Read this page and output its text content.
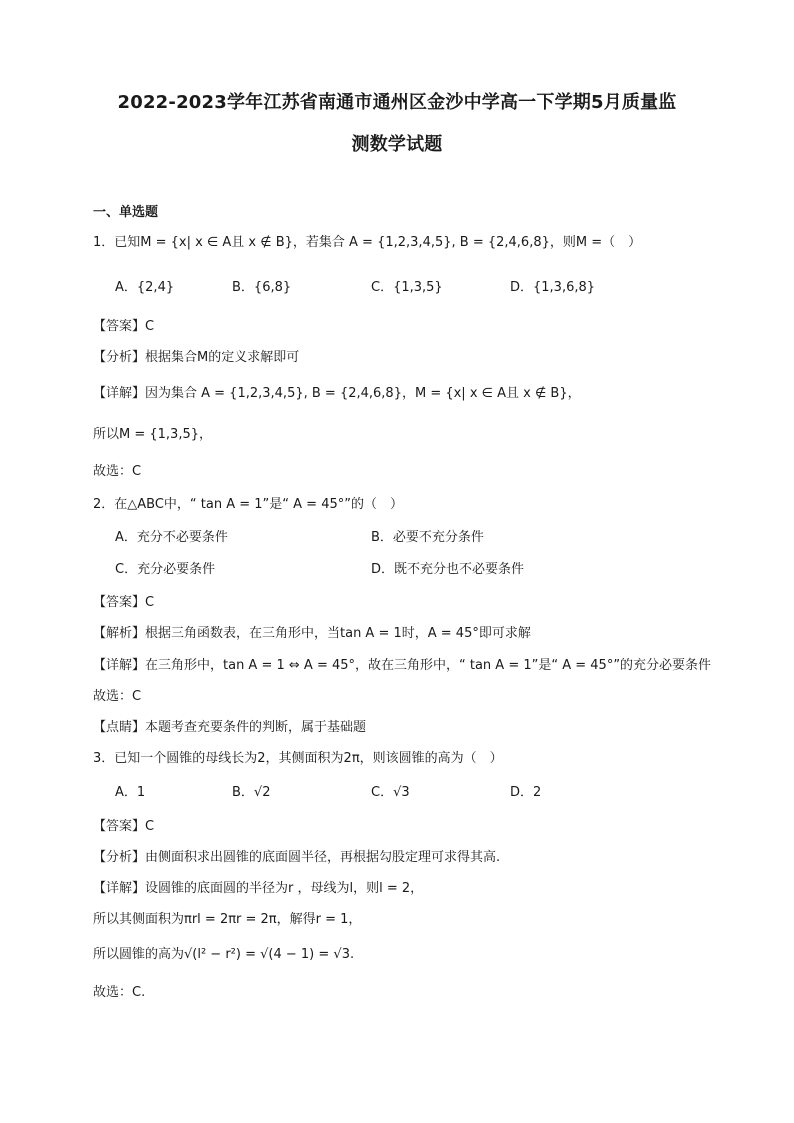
2022-2023学年江苏省南通市通州区金沙中学高一下学期5月质量监
测数学试题
一、单选题
1．已知M = {x| x ∈ A且 x ∉ B}，若集合 A = {1,2,3,4,5}, B = {2,4,6,8}，则M =（　）
A．{2,4}	B．{6,8}	C．{1,3,5}	D．{1,3,6,8}
【答案】C
【分析】根据集合M的定义求解即可
【详解】因为集合 A = {1,2,3,4,5}, B = {2,4,6,8}，M = {x| x ∈ A且 x ∉ B}，
所以M = {1,3,5}，
故选：C
2．在△ABC中，“ tan A = 1”是“ A = 45°”的（　）
A．充分不必要条件	B．必要不充分条件
C．充分必要条件	D．既不充分也不必要条件
【答案】C
【解析】根据三角函数表，在三角形中，当tan A = 1时，A = 45°即可求解
【详解】在三角形中，tan A = 1 ⇔ A = 45°，故在三角形中，“ tan A = 1”是“ A = 45°”的充分必要条件
故选：C
【点睛】本题考查充要条件的判断，属于基础题
3．已知一个圆锥的母线长为2，其侧面积为2π，则该圆锥的高为（　）
A．1	B．√2	C．√3	D．2
【答案】C
【分析】由侧面积求出圆锥的底面圆半径，再根据勾股定理可求得其高.
【详解】设圆锥的底面圆的半径为r ，母线为l，则l = 2，
所以其侧面积为πrl = 2πr = 2π，解得r = 1，
所以圆锥的高为√(l² − r²) = √(4 − 1) = √3.
故选：C.
